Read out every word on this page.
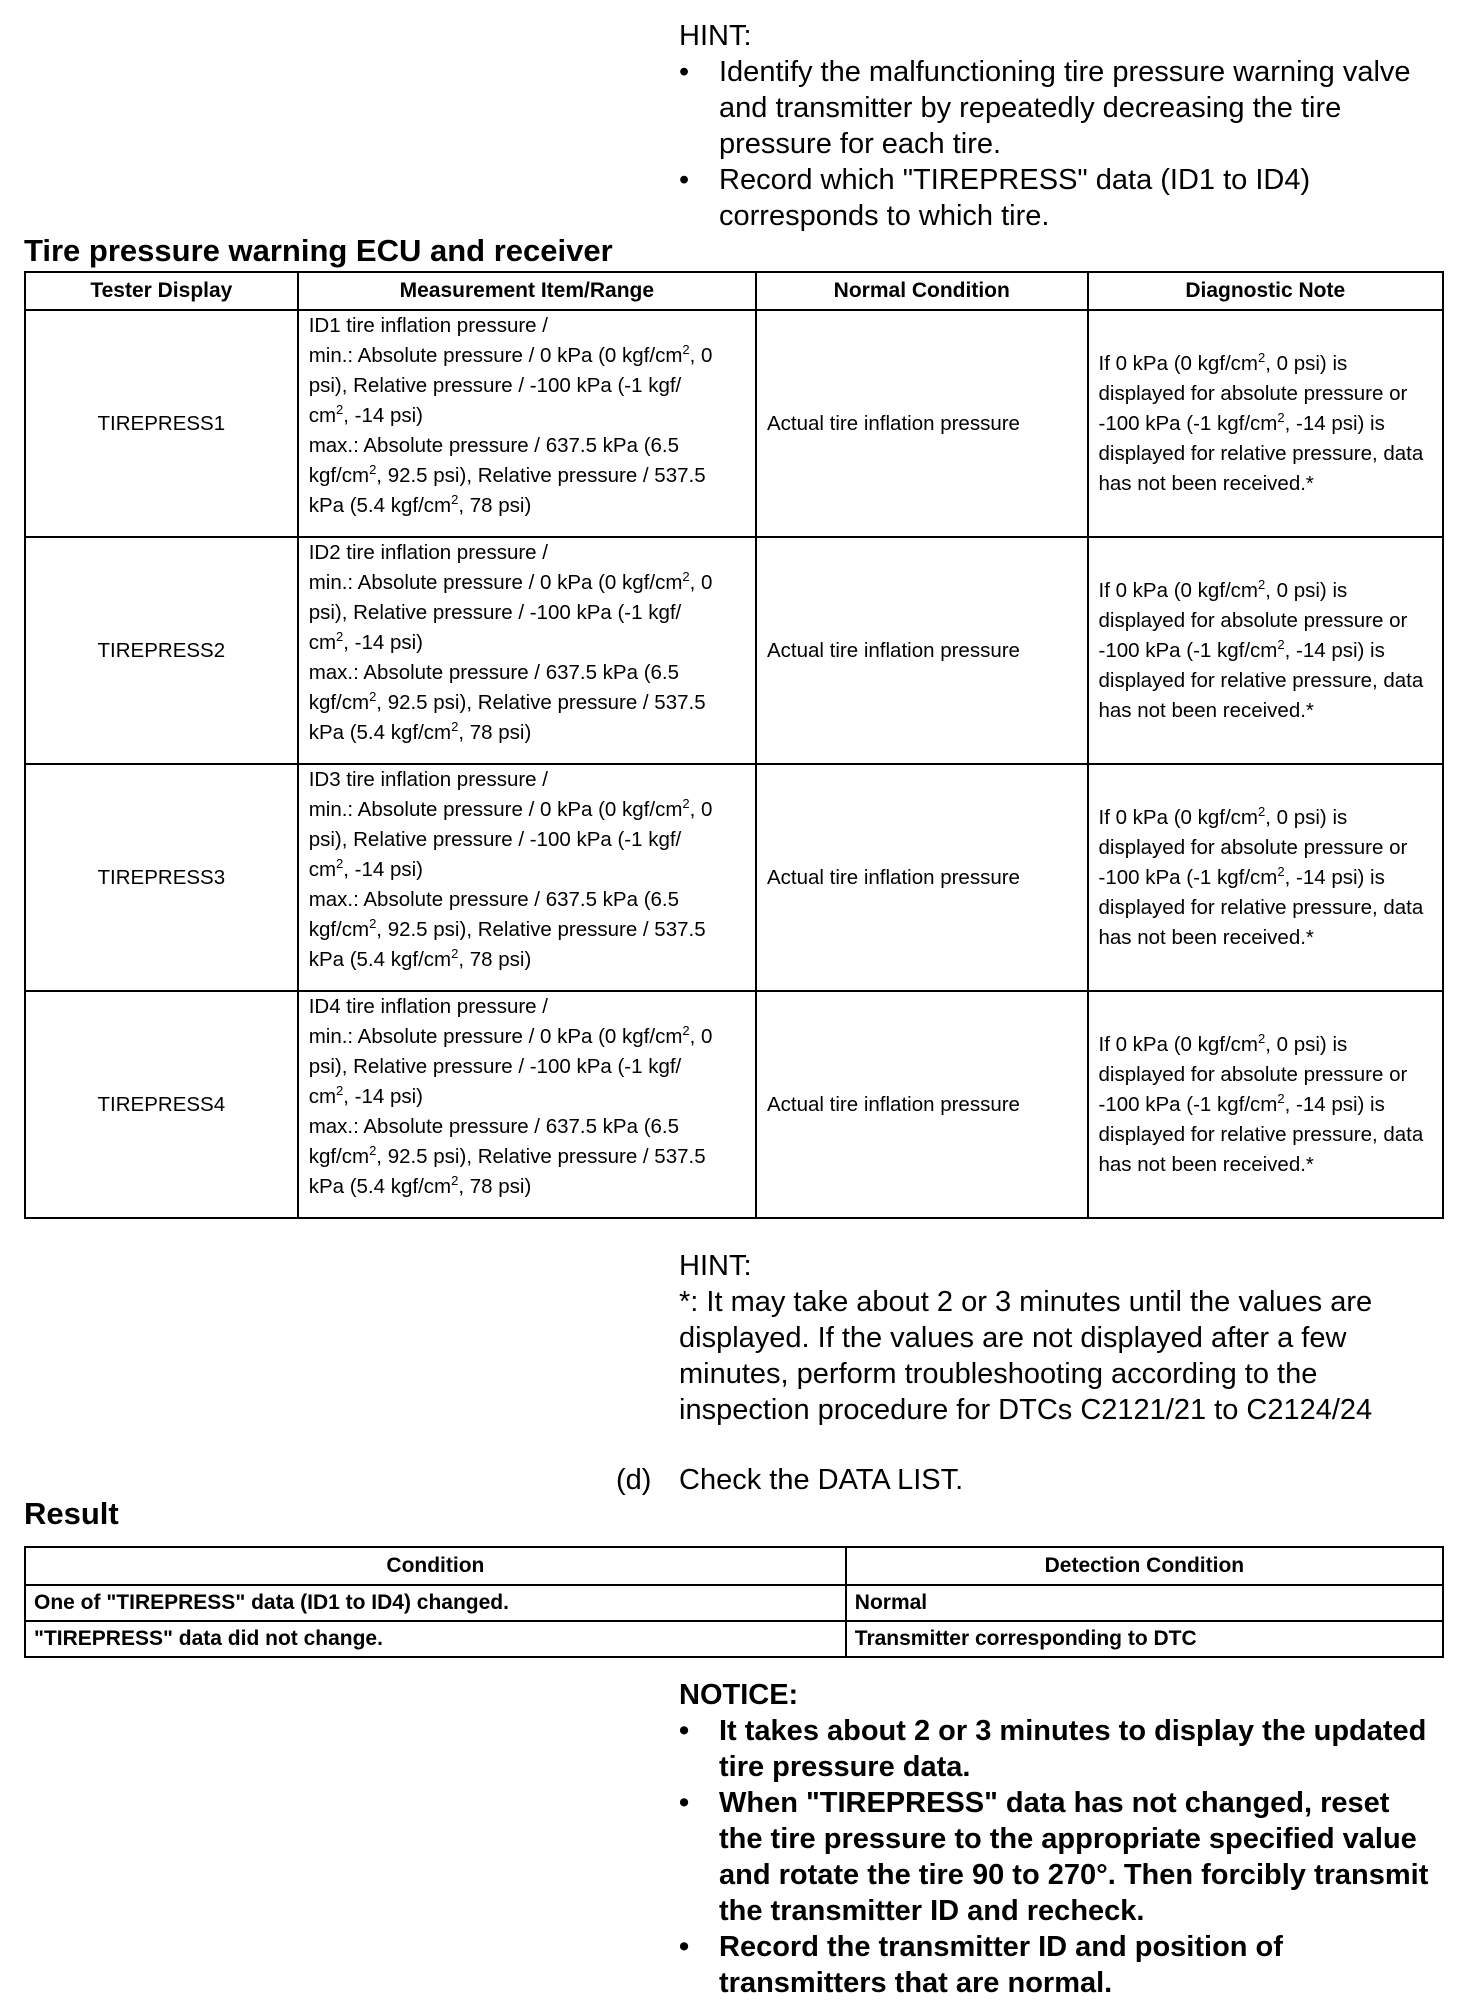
HINT:
• Identify the malfunctioning tire pressure warning valve and transmitter by repeatedly decreasing the tire pressure for each tire.
• Record which "TIREPRESS" data (ID1 to ID4) corresponds to which tire.
Tire pressure warning ECU and receiver
Tester Display	Measurement Item/Range	Normal Condition	Diagnostic Note
TIREPRESS1	ID1 tire inflation pressure /
min.: Absolute pressure / 0 kPa (0 kgf/$cm^2$, 0 psi), Relative pressure / -100 kPa (-1 kgf/
$cm^2$, -14 psi)
max.: Absolute pressure / 637.5 kPa (6.5 kgf/$cm^2$, 92.5 psi), Relative pressure / 537.5 kPa (5.4 kgf/$cm^2$, 78 psi)	Actual tire inflation pressure	If 0 kPa (0 kgf/$cm^2$, 0 psi) is displayed for absolute pressure or -100 kPa (-1 kgf/$cm^2$, -14 psi) is displayed for relative pressure, data has not been received.*
TIREPRESS2	ID2 tire inflation pressure /
min.: Absolute pressure / 0 kPa (0 kgf/$cm^2$, 0 psi), Relative pressure / -100 kPa (-1 kgf/
$cm^2$, -14 psi)
max.: Absolute pressure / 637.5 kPa (6.5 kgf/$cm^2$, 92.5 psi), Relative pressure / 537.5 kPa (5.4 kgf/$cm^2$, 78 psi)	Actual tire inflation pressure	If 0 kPa (0 kgf/$cm^2$, 0 psi) is displayed for absolute pressure or -100 kPa (-1 kgf/$cm^2$, -14 psi) is displayed for relative pressure, data has not been received.*
TIREPRESS3	ID3 tire inflation pressure /
min.: Absolute pressure / 0 kPa (0 kgf/$cm^2$, 0 psi), Relative pressure / -100 kPa (-1 kgf/
$cm^2$, -14 psi)
max.: Absolute pressure / 637.5 kPa (6.5 kgf/$cm^2$, 92.5 psi), Relative pressure / 537.5 kPa (5.4 kgf/$cm^2$, 78 psi)	Actual tire inflation pressure	If 0 kPa (0 kgf/$cm^2$, 0 psi) is displayed for absolute pressure or -100 kPa (-1 kgf/$cm^2$, -14 psi) is displayed for relative pressure, data has not been received.*
TIREPRESS4	ID4 tire inflation pressure /
min.: Absolute pressure / 0 kPa (0 kgf/$cm^2$, 0 psi), Relative pressure / -100 kPa (-1 kgf/
$cm^2$, -14 psi)
max.: Absolute pressure / 637.5 kPa (6.5 kgf/$cm^2$, 92.5 psi), Relative pressure / 537.5 kPa (5.4 kgf/$cm^2$, 78 psi)	Actual tire inflation pressure	If 0 kPa (0 kgf/$cm^2$, 0 psi) is displayed for absolute pressure or -100 kPa (-1 kgf/$cm^2$, -14 psi) is displayed for relative pressure, data has not been received.*
HINT:
*: It may take about 2 or 3 minutes until the values are displayed. If the values are not displayed after a few minutes, perform troubleshooting according to the inspection procedure for DTCs C2121/21 to C2124/24
(d) Check the DATA LIST.
Result
Condition	Detection Condition
One of "TIREPRESS" data (ID1 to ID4) changed.	Normal
"TIREPRESS" data did not change.	Transmitter corresponding to DTC
NOTICE:
• It takes about 2 or 3 minutes to display the updated tire pressure data.
• When "TIREPRESS" data has not changed, reset the tire pressure to the appropriate specified value and rotate the tire 90 to 270°. Then forcibly transmit the transmitter ID and recheck.
• Record the transmitter ID and position of transmitters that are normal.
